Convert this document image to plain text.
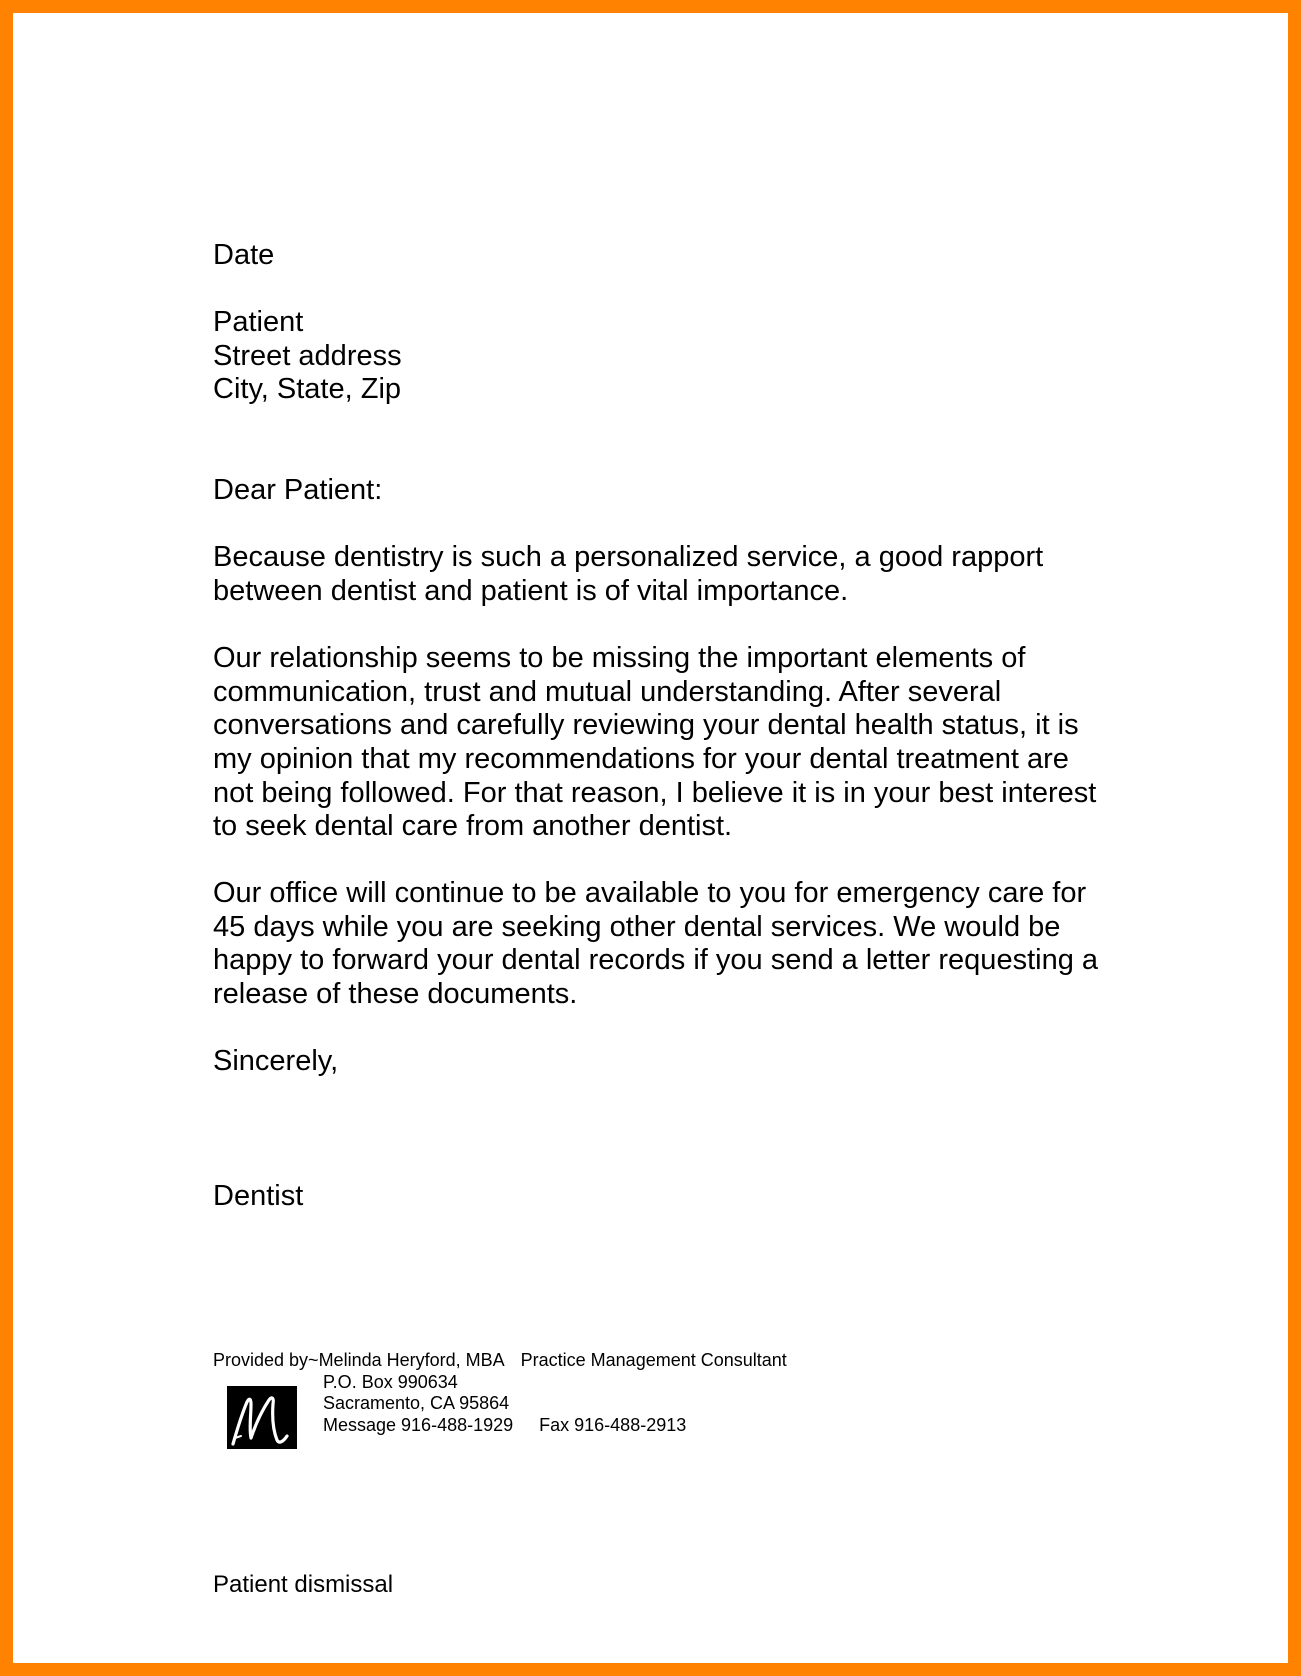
Date

Patient

Street address

City, State, Zip

Dear Patient:

Because dentistry is such a personalized service, a good rapport
between dentist and patient is of vital importance.

Our relationship seems to be missing the important elements of
communication, trust and mutual understanding. After several
conversations and carefully reviewing your dental health status, it is
my opinion that my recommendations for your dental treatment are
not being followed. For that reason, I believe it is in your best interest
to seek dental care from another dentist.

Our office will continue to be available to you for emergency care for
45 days while you are seeking other dental services. We would be
happy to forward your dental records if you send a letter requesting a
release of these documents.

Sincerely,

Dentist

Provided by~Melinda Heryford, MBA Practice Management Consultant
P.O. Box 990634
Sacramento, CA 95864
Message 916-488-1929 Fax 916-488-2913
Patient dismissal
